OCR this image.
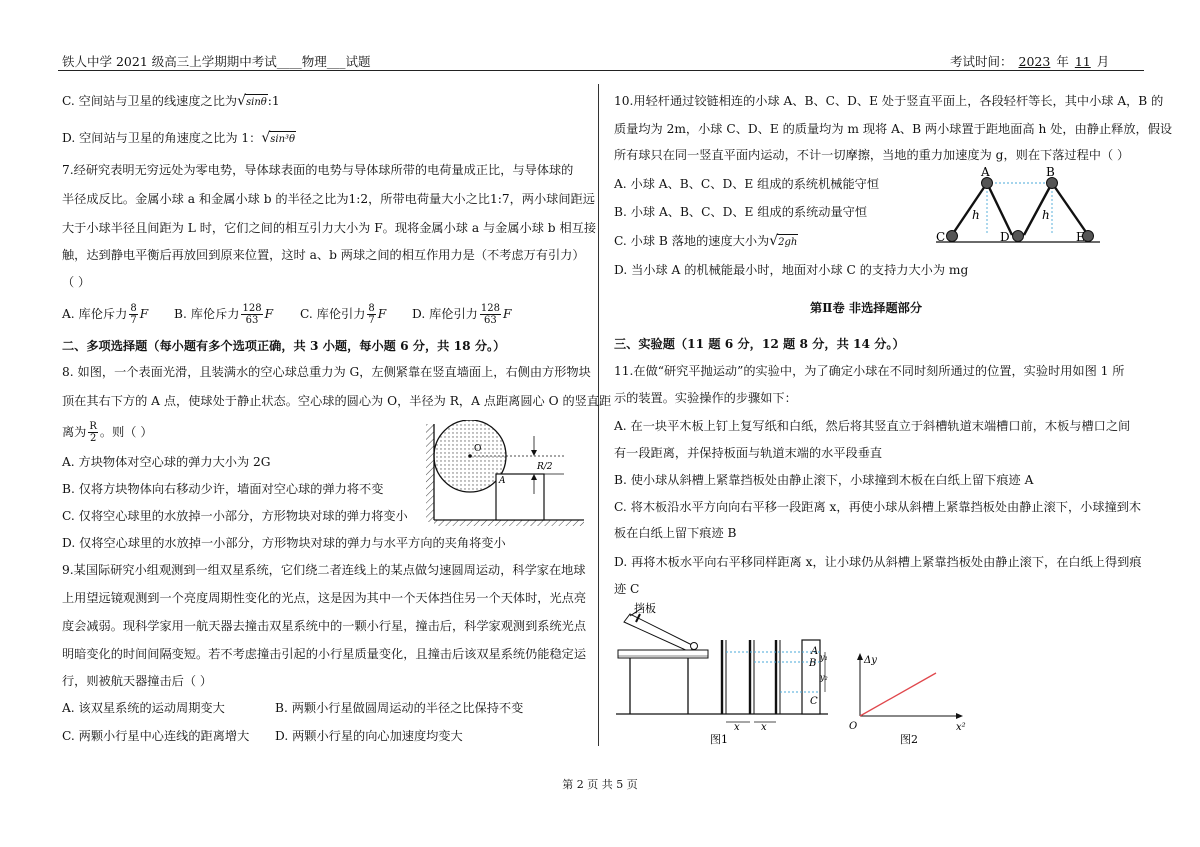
铁人中学 2021 级高三上学期期中考试____物理___试题	考试时间： 2023 年 11 月
C. 空间站与卫星的线速度之比为√sinθ:1
D. 空间站与卫星的角速度之比为 1：√sin³θ
7.经研究表明无穷远处为零电势，导体球表面的电势与导体球所带的电荷量成正比，与导体球的
半径成反比。金属小球 a 和金属小球 b 的半径之比为1:2，所带电荷量大小之比1:7，两小球间距远
大于小球半径且间距为 L 时，它们之间的相互引力大小为 F。现将金属小球 a 与金属小球 b 相互接
触，达到静电平衡后再放回到原来位置，这时 a、b 两球之间的相互作用力是（不考虑万有引力）
（ ）
A. 库伦斥力 $\frac{8}{7}$ F B. 库伦斥力 $\frac{128}{63}$ F C. 库伦引力 $\frac{8}{7}$ F D. 库伦引力 $\frac{128}{63}$ F
二、多项选择题（每小题有多个选项正确，共 3 小题，每小题 6 分，共 18 分。）
8. 如图，一个表面光滑，且装满水的空心球总重力为 G，左侧紧靠在竖直墙面上，右侧由方形物块
顶在其右下方的 A 点，使球处于静止状态。空心球的圆心为 O，半径为 R，A 点距离圆心 O 的竖直距
离为 $\frac{R}{2}$ 。则（ ）
A. 方块物体对空心球的弹力大小为 2G
B. 仅将方块物体向右移动少许，墙面对空心球的弹力将不变
C. 仅将空心球里的水放掉一小部分，方形物块对球的弹力将变小
D. 仅将空心球里的水放掉一小部分，方形物块对球的弹力与水平方向的夹角将变小
O
A
R/2
9.某国际研究小组观测到一组双星系统，它们绕二者连线上的某点做匀速圆周运动，科学家在地球
上用望远镜观测到一个亮度周期性变化的光点，这是因为其中一个天体挡住另一个天体时，光点亮
度会减弱。现科学家用一航天器去撞击双星系统中的一颗小行星，撞击后，科学家观测到系统光点
明暗变化的时间间隔变短。若不考虑撞击引起的小行星质量变化，且撞击后该双星系统仍能稳定运
行，则被航天器撞击后（ ）
A. 该双星系统的运动周期变大	B. 两颗小行星做圆周运动的半径之比保持不变
C. 两颗小行星中心连线的距离增大 D. 两颗小行星的向心加速度均变大
10.用轻杆通过铰链相连的小球 A、B、C、D、E 处于竖直平面上，各段轻杆等长，其中小球 A，B 的
质量均为 2m，小球 C、D、E 的质量均为 m 现将 A、B 两小球置于距地面高 h 处，由静止释放，假设
所有球只在同一竖直平面内运动，不计一切摩擦，当地的重力加速度为 g，则在下落过程中（ ）
A. 小球 A、B、C、D、E 组成的系统机械能守恒
B. 小球 A、B、C、D、E 组成的系统动量守恒
C. 小球 B 落地的速度大小为√2gh
D. 当小球 A 的机械能最小时，地面对小球 C 的支持力大小为 mg
A	B
C	D	E
h	h
第Ⅱ卷 非选择题部分
三、实验题（11 题 6 分，12 题 8 分，共 14 分。）
11.在做“研究平抛运动”的实验中，为了确定小球在不同时刻所通过的位置，实验时用如图 1 所
示的装置。实验操作的步骤如下：
A. 在一块平木板上钉上复写纸和白纸，然后将其竖直立于斜槽轨道末端槽口前，木板与槽口之间
有一段距离，并保持板面与轨道末端的水平段垂直
B. 使小球从斜槽上紧靠挡板处由静止滚下，小球撞到木板在白纸上留下痕迹 A
C. 将木板沿水平方向向右平移一段距离 x，再使小球从斜槽上紧靠挡板处由静止滚下，小球撞到木
板在白纸上留下痕迹 B
D. 再将木板水平向右平移同样距离 x，让小球仍从斜槽上紧靠挡板处由静止滚下，在白纸上得到痕
迹 C
挡板
A
B
C
y₁
y₂
x x
图1
Δy
x²
O
图2
第 2 页 共 5 页
